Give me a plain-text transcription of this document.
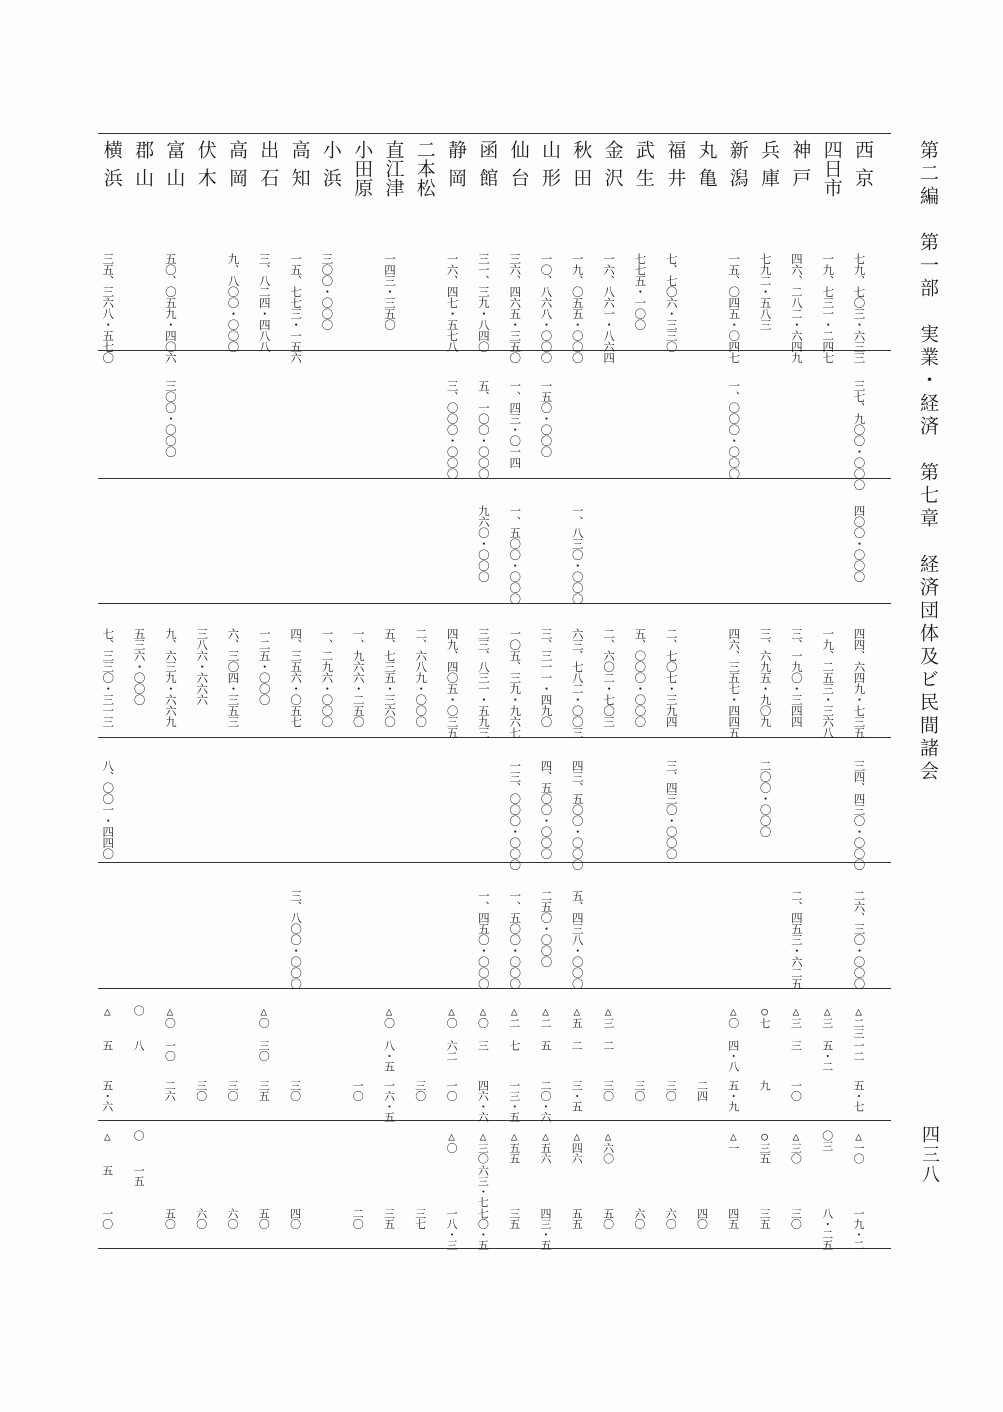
第二編　第一部　実業・経済　第七章　経済団体及ビ民間諸会
四三八
西京
七九、七〇三・六三三
三七、九〇〇・〇〇〇
四〇〇・〇〇〇
四四、六四九・七三五
三四、四三〇・〇〇〇
二六、三〇・〇〇〇
△二三
一二
五・七
△一〇
一九・二
四日市
一九、七三一・二四七
一九、二五三・三六八
△三
五・二
〇三
八・二五
神戸
四六、二八二・六四九
三、一九〇・三四四
二、四五三・六二五
△三
三
一〇
△三〇
三〇
兵庫
七九二・五八三
三、六九五・九〇九
二〇〇・〇〇〇
○七
九
○三五
三五
新潟
一五、〇四五・〇四七
一、〇〇〇・〇〇〇
四六、三五七・四四五
△〇
四・八
五・九
△一
四五
丸亀
二四
四〇
福井
七、七〇六・三三〇
二、七〇七・三九四
三、四三〇・〇〇〇
三〇
六〇
武生
七七五・一〇〇
五、〇〇〇・〇〇〇
三〇
六〇
金沢
一六、八六一・八六四
二、六〇二・七〇三
△三
二
三〇
△六〇
五〇
秋田
一九、〇五五・〇〇〇
一、八三〇・〇〇〇
六三、七八二・〇〇三
四三、五〇〇・〇〇〇
五、四三八・〇〇〇
△五
二
三・五
△四六
五五
山形
一〇、八六八・〇〇〇
一五〇・〇〇〇
三、三一一・四九〇
四、五〇〇・〇〇〇
二五〇・〇〇〇
△二
五
二〇・六
△五六
四三・五
仙台
三六、四六五・三五〇
一、四三・〇一四
一、五〇〇・〇〇〇
一〇五、三九・九六七
一三、〇〇〇・〇〇〇
一、五〇〇・〇〇〇
△二
七
一三・五
△五五
三五
函館
三一、三九・八四〇
五、一〇〇・〇〇〇
九六〇・〇〇〇
三三、八三一・五九三
一、四五〇・〇〇〇
△〇
三
四六・六
△三〇
六三・七
七〇・五
静岡
一六、四七・五七八
三、〇〇〇・〇〇〇
四九、四〇五・〇三五
△〇
六二
一〇
△〇
一八・三
二本松
二、六八九・〇〇〇
三〇
三七
直江津
一四三・三五〇
五、七三五・三六〇
△〇
八・五
一六・五
三五
小田原
一、九六六・二五〇
一〇
二〇
小浜
三〇〇・〇〇〇
一、二九六・〇〇〇
高知
一五、七七三・一五六
四、三五六・〇五七
三、八〇〇・〇〇〇
三〇
四〇
出石
三、八二四・四八八
一二五・〇〇〇
△〇
三〇
三五
五〇
高岡
九、八〇〇・〇〇〇
六、三〇四・三五三
三〇
六〇
伏木
三八六・六六六
三〇
六〇
富山
五〇、〇五九・四〇六
三〇〇・〇〇〇
九、六三九・六六九
△〇
一〇
二六
五〇
郡山
五三六・〇〇〇
〇
八
〇
一五
横浜
三五、三六八・五七〇
七、三三〇・三一三
八、〇〇一・四四〇
△
五
五・六
△
五
一〇
